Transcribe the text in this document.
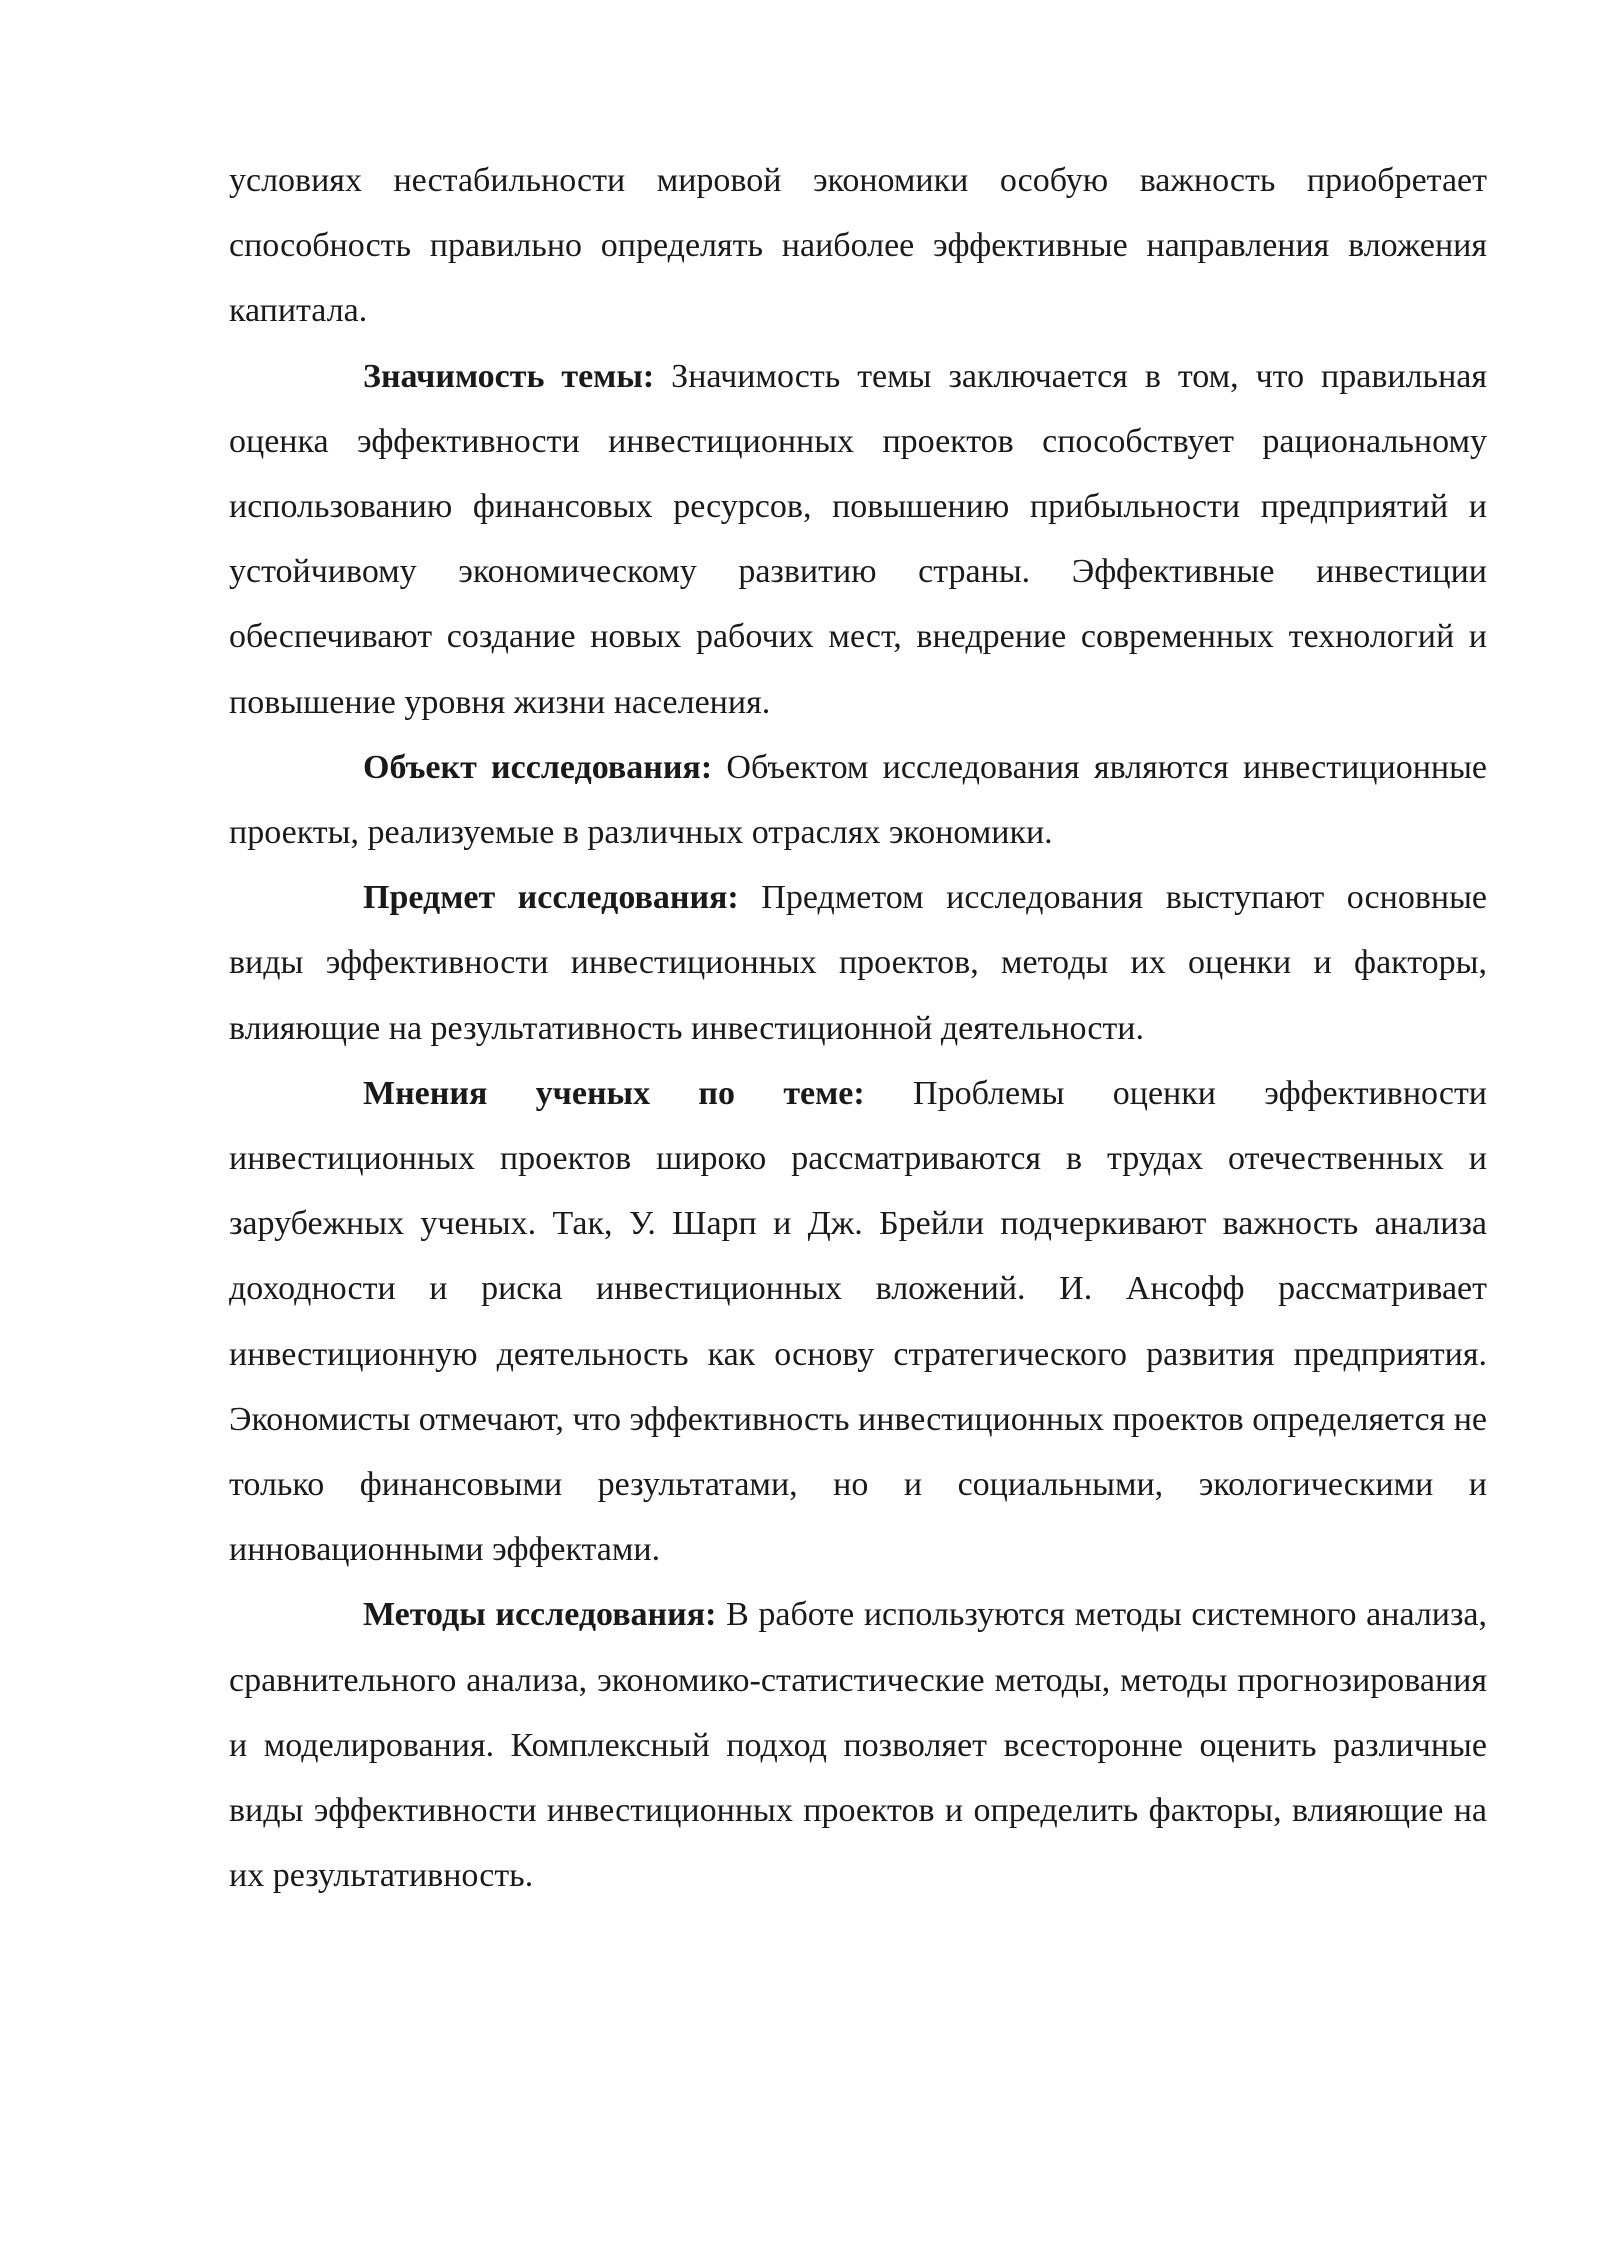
условиях нестабильности мировой экономики особую важность приобретает способность правильно определять наиболее эффективные направления вложения капитала.

Значимость темы: Значимость темы заключается в том, что правильная оценка эффективности инвестиционных проектов способствует рациональному использованию финансовых ресурсов, повышению прибыльности предприятий и устойчивому экономическому развитию страны. Эффективные инвестиции обеспечивают создание новых рабочих мест, внедрение современных технологий и повышение уровня жизни населения.

Объект исследования: Объектом исследования являются инвестиционные проекты, реализуемые в различных отраслях экономики.

Предмет исследования: Предметом исследования выступают основные виды эффективности инвестиционных проектов, методы их оценки и факторы, влияющие на результативность инвестиционной деятельности.

Мнения ученых по теме: Проблемы оценки эффективности инвестиционных проектов широко рассматриваются в трудах отечественных и зарубежных ученых. Так, У. Шарп и Дж. Брейли подчеркивают важность анализа доходности и риска инвестиционных вложений. И. Ансофф рассматривает инвестиционную деятельность как основу стратегического развития предприятия. Экономисты отмечают, что эффективность инвестиционных проектов определяется не только финансовыми результатами, но и социальными, экологическими и инновационными эффектами.

Методы исследования: В работе используются методы системного анализа, сравнительного анализа, экономико-статистические методы, методы прогнозирования и моделирования. Комплексный подход позволяет всесторонне оценить различные виды эффективности инвестиционных проектов и определить факторы, влияющие на их результативность.
